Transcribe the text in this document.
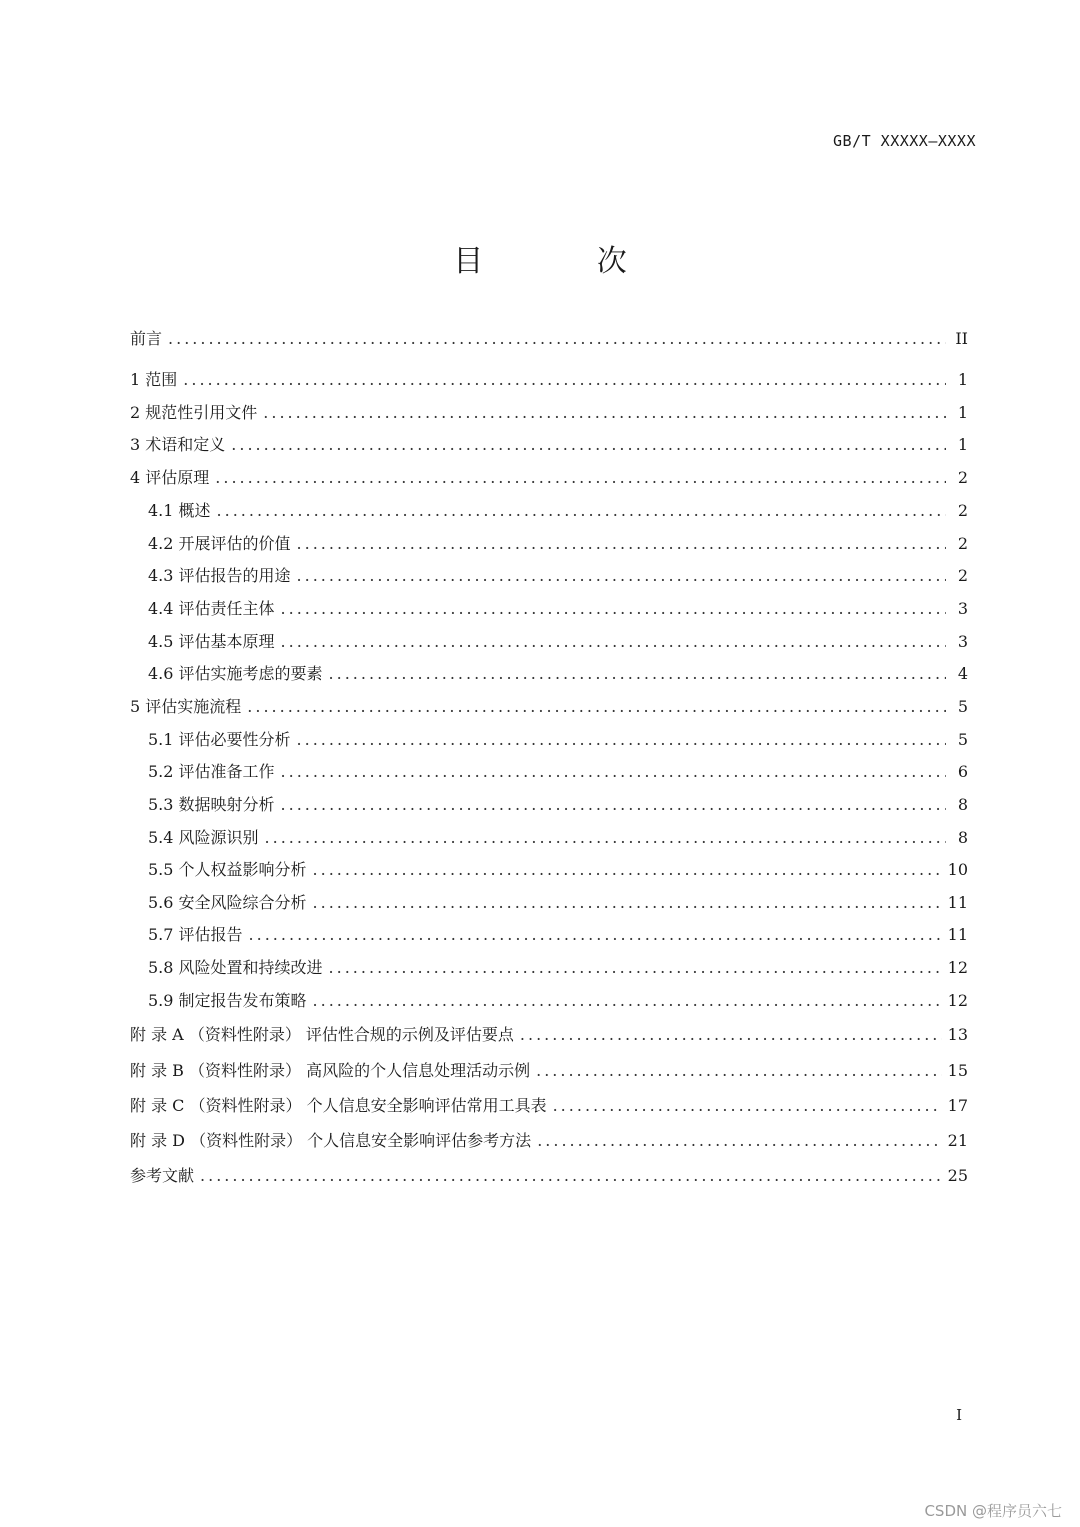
GB/T XXXXX—XXXX
目 次
前言 .....	II
1 范围 .....	1
2 规范性引用文件 .....	1
3 术语和定义 .....	1
4 评估原理 .....	2
4.1 概述 .....	2
4.2 开展评估的价值 .....	2
4.3 评估报告的用途 .....	2
4.4 评估责任主体 .....	3
4.5 评估基本原理 .....	3
4.6 评估实施考虑的要素 .....	4
5 评估实施流程 .....	5
5.1 评估必要性分析 .....	5
5.2 评估准备工作 .....	6
5.3 数据映射分析 .....	8
5.4 风险源识别 .....	8
5.5 个人权益影响分析 .....	10
5.6 安全风险综合分析 .....	11
5.7 评估报告 .....	11
5.8 风险处置和持续改进 .....	12
5.9 制定报告发布策略 .....	12
附 录 A （资料性附录） 评估性合规的示例及评估要点 .....	13
附 录 B （资料性附录） 高风险的个人信息处理活动示例 .....	15
附 录 C （资料性附录） 个人信息安全影响评估常用工具表 .....	17
附 录 D （资料性附录） 个人信息安全影响评估参考方法 .....	21
参考文献 .....	25
I
CSDN @程序员六七
